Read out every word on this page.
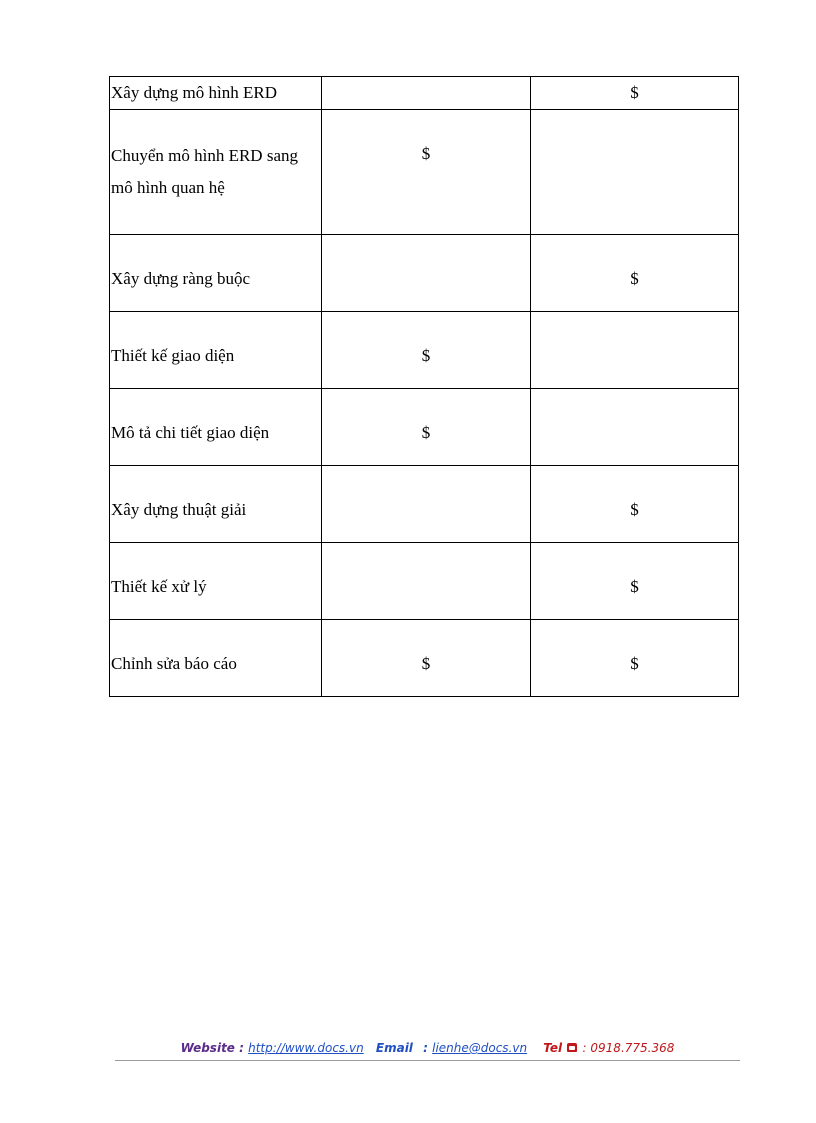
Xây dựng mô hình ERD		$
Chuyển mô hình ERD sang mô hình quan hệ	$	
Xây dựng ràng buộc		$
Thiết kế giao diện	$	
Mô tả chi tiết giao diện	$	
Xây dựng thuật giải		$
Thiết kế xử lý		$
Chỉnh sửa báo cáo	$	$
Website : http://www.docs.vn Email : lienhe@docs.vn Tel : 0918.775.368
